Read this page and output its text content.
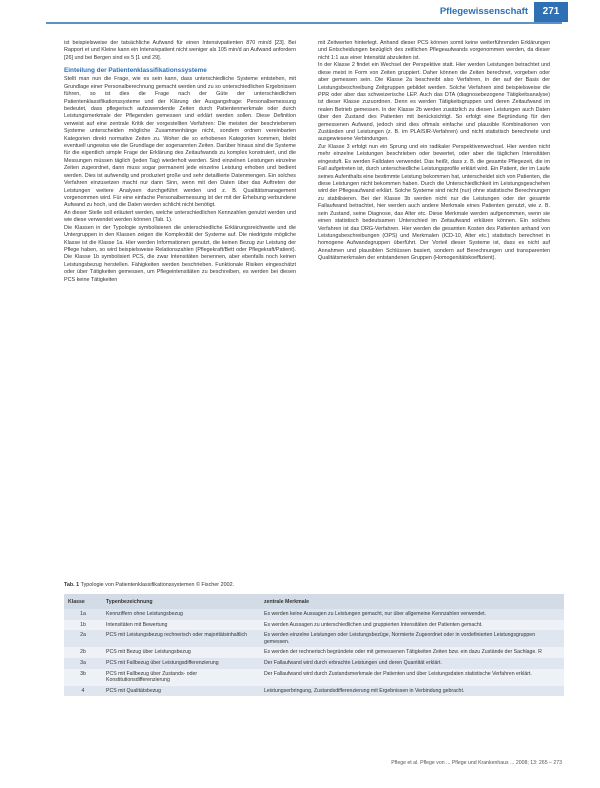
Pflegewissenschaft	271

ist beispielsweise der tatsächliche Aufwand für einen Intensivpatienten 870 min/d [23]. Bei Rapport et und Kleine kann ein Intensivpatient nicht weniger als 105 min/d an Aufwand anfordern [26] und bei Bergen sind es 5 [1 und 29].

Einteilung der Patientenklassifikationssysteme

Stellt man nun die Frage, wie es sein kann, dass unterschiedliche Systeme entstehen, mit Grundlage einer Personalberechnung gemacht werden und zu so unterschiedlichen Ergebnissen führen, so ist dies die Frage nach der Güte der unterschiedlichen Patientenklassifikationssysteme und der Klärung der Ausgangsfrage: Personalbemessung bedeutet, dass pflegerisch aufzuwendende Zeiten durch Patientenmerkmale oder durch Leistungsmerkmale der Pflegenden gemessen und erklärt werden sollen. Diese Definition verweist auf eine zentrale Kritik der vorgestellten Verfahren: Die meisten der beschriebenen Systeme unterscheiden mögliche Zusammenhänge nicht, sondern ordnen vereinbarten Kategorien direkt normative Zeiten zu. Woher die so erhobenen Kategorien kommen, bleibt eventuell ungewiss wie die Grundlage der sogenannten Zeiten. Darüber hinaus sind die Systeme für die eigentlich simple Frage der Erklärung des Zeitaufwands zu komplex konstruiert, und die Messungen müssen täglich (jeden Tag) wiederholt werden. Sind einzelnen Leistungen einzelne Zeiten zugeordnet, dann muss sogar permanent jede einzelne Leistung erhoben und bedient werden. Dies ist aufwendig und produziert große und sehr detaillierte Datenmengen. Ein solches Verfahren einzusetzen macht nur dann Sinn, wenn mit den Daten über das Auftreten der Leistungen weitere Analysen durchgeführt werden und z. B. Qualitätsmanagement vorgenommen wird. Für eine einfache Personalbemessung ist der mit der Erhebung verbundene Aufwand zu hoch, und die Daten werden schlicht nicht benötigt.

An dieser Stelle soll erläutert werden, welche unterschiedlichen Kennzahlen genutzt werden und wie diese verwendet werden können (Tab. 1).

Die Klassen in der Typologie symbolisieren die unterschiedliche Erklärungsreichweite und die Untergruppen in den Klassen zeigen die Komplexität der Systeme auf. Die niedrigste mögliche Klasse ist die Klasse 1a. Hier werden Informationen genutzt, die keinen Bezug zur Leistung der Pflege haben, so wird beispielsweise Relationszahlen (Pflegekraft/Bett oder Pflegekraft/Patient). Die Klasse 1b symbolisiert PCS, die zwar Intensitäten benennen, aber ebenfalls noch keinen Leistungsbezug herstellen. Fähigkeiten werden beschrieben. Funktionale Risiken eingeschätzt oder über Tätigkeiten gemessen, um Pflegeintensitäten zu beschreiben, es werden bei diesen PCS keine Tätigkeiten

mit Zeitwerten hinterlegt. Anhand dieser PCS können somit keine weiterführenden Erklärungen und Entscheidungen bezüglich des zeitlichen Pflegeaufwands vorgenommen werden, da dieser nicht 1:1 aus einer Intensität abzuleiten ist.

In der Klasse 2 findet ein Wechsel der Perspektive statt. Hier werden Leistungen betrachtet und diese meist in Form von Zeiten gruppiert. Daher können die Zeiten berechnet, vorgeben oder aber gemessen sein. Die Klasse 2a beschreibt also Verfahren, in der auf der Basis der Leistungsbeschreibung Zeitgruppen gebildet werden. Solche Verfahren sind beispielsweise die PPR oder aber das schweizerische LEP. Auch das DTA (diagnosebezogene Tätigkeitsanalyse) ist dieser Klasse zuzuordnen. Denn es werden Tätigkeitsgruppen und deren Zeitaufwand im realen Betrieb gemessen. In der Klasse 2b werden zusätzlich zu diesen Leistungen auch Daten über den Zustand des Patienten mit berücksichtigt. So erfolgt eine Begründung für den gemessenen Aufwand, jedoch sind dies oftmals einfache und plausible Kombinationen von Zuständen und Leistungen (z. B. im PLAISIR-Verfahren) und nicht statistisch berechnete und ausgewiesene Verbindungen.

Zur Klasse 3 erfolgt nun ein Sprung und ein radikaler Perspektivenwechsel. Hier werden nicht mehr einzelne Leistungen beschrieben oder bewertet, oder aber die täglichen Intensitäten eingestuft. Es werden Falldaten verwendet. Das heißt, dass z. B. die gesamte Pflegezeit, die im Fall aufgetreten ist, durch unterschiedliche Leistungsprofile erklärt wird. Ein Patient, der im Laufe seines Aufenthalts eine bestimmte Leistung bekommen hat, unterscheidet sich von Patienten, die diese Leistungen nicht bekommen haben. Durch die Unterschiedlichkeit im Leistungsgeschehen wird der Pflegeaufwand erklärt. Solche Systeme sind nicht (nur) ohne statistische Berechnungen zu stabilisieren. Bei der Klasse 3b werden nicht nur die Leistungen oder der gesamte Fallaufwand betrachtet, hier werden auch andere Merkmale eines Patienten genutzt, wie z. B. sein Zustand, seine Diagnose, das Alter etc. Diese Merkmale werden aufgenommen, wenn sie einen statistisch bedeutsamen Unterschied im Zeitaufwand erklären können. Ein solches Verfahren ist das DRG-Verfahren. Hier werden die gesamten Kosten des Patienten anhand von Leistungsbeschreibungen (OPS) und Merkmalen (ICD-10, Alter etc.) statistisch berechnet in homogene Aufwandsgruppen überführt. Der Vorteil dieser Systeme ist, dass es nicht auf Annahmen und plausiblen Schlüssen basiert, sondern auf Berechnungen und transparenten Qualitätsmerkmalen der entstandenen Gruppen (Homogenitätskoeffizient).

Tab. 1 Typologie von Patientenklassifikationssystemen © Fischer 2002.
Klasse	Typenbezeichnung	zentrale Merkmale
1a	Kennziffern ohne Leistungsbezug	Es werden keine Aussagen zu Leistungen gemacht, nur über allgemeine Kennzahlen verwendet.
1b	Intensitäten mit Bewertung	Es werden Aussagen zu unterschiedlichen und gruppierten Intensitäten der Patienten gemacht.
2a	PCS mit Leistungsbezug rechnerisch oder majoritätsinhaltlich	Es werden einzelne Leistungen oder Leistungsbezüge, Normierte Zugeordnet oder in vordefinierten Leistungsgruppen gemessen.
2b	PCS mit Bezug über Leistungsbezug	Es werden der rechnerisch begründete oder mit gemessenen Tätigkeiten Zeiten bzw. ein dazu Zustände der Sachlage. R
3a	PCS mit Fallbezug über Leistungsdifferenzierung	Der Fallaufwand wird durch erbrachte Leistungen und deren Quantität erklärt.
3b	PCS mit Fallbezug über Zustands- oder Konstitutionsdifferenzierung	Der Fallaufwand wird durch Zustandsmerkmale der Patienten und über Leistungsdaten statistische Verfahren erklärt.
4	PCS mit Qualitätsbezug	Leistungserbringung, Zustandsdifferenzierung mit Ergebnissen in Verbindung gebracht.
Pflege et al. Pflege von ... Pflege und Krankenhaus ... 2008; 13: 265 – 273
